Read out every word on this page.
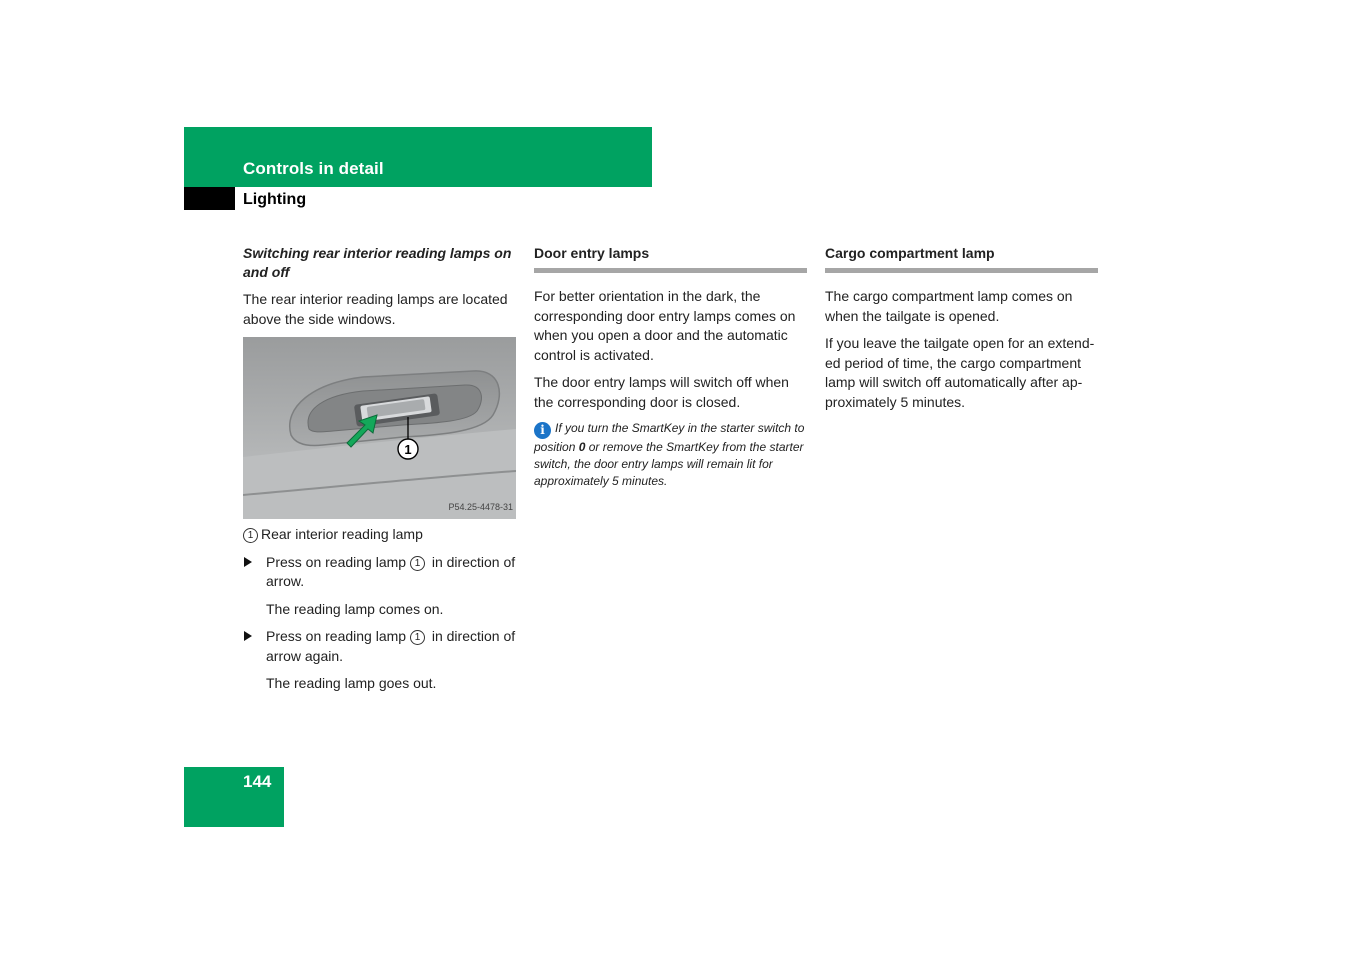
Controls in detail
Lighting
Switching rear interior reading lamps on and off

The rear interior reading lamps are located above the side windows.

1
P54.25-4478-31
1 Rear interior reading lamp
Press on reading lamp 1 in direction of arrow.

The reading lamp comes on.

Press on reading lamp 1 in direction of arrow again.

The reading lamp goes out.

Door entry lamps

For better orientation in the dark, the corresponding door entry lamps comes on when you open a door and the automatic control is activated.

The door entry lamps will switch off when the corresponding door is closed.

i If you turn the SmartKey in the starter switch to position 0 or remove the SmartKey from the starter switch, the door entry lamps will remain lit for approximately 5 minutes.
Cargo compartment lamp

The cargo compartment lamp comes on when the tailgate is opened.

If you leave the tailgate open for an extend-ed period of time, the cargo compartment lamp will switch off automatically after ap-proximately 5 minutes.

144
